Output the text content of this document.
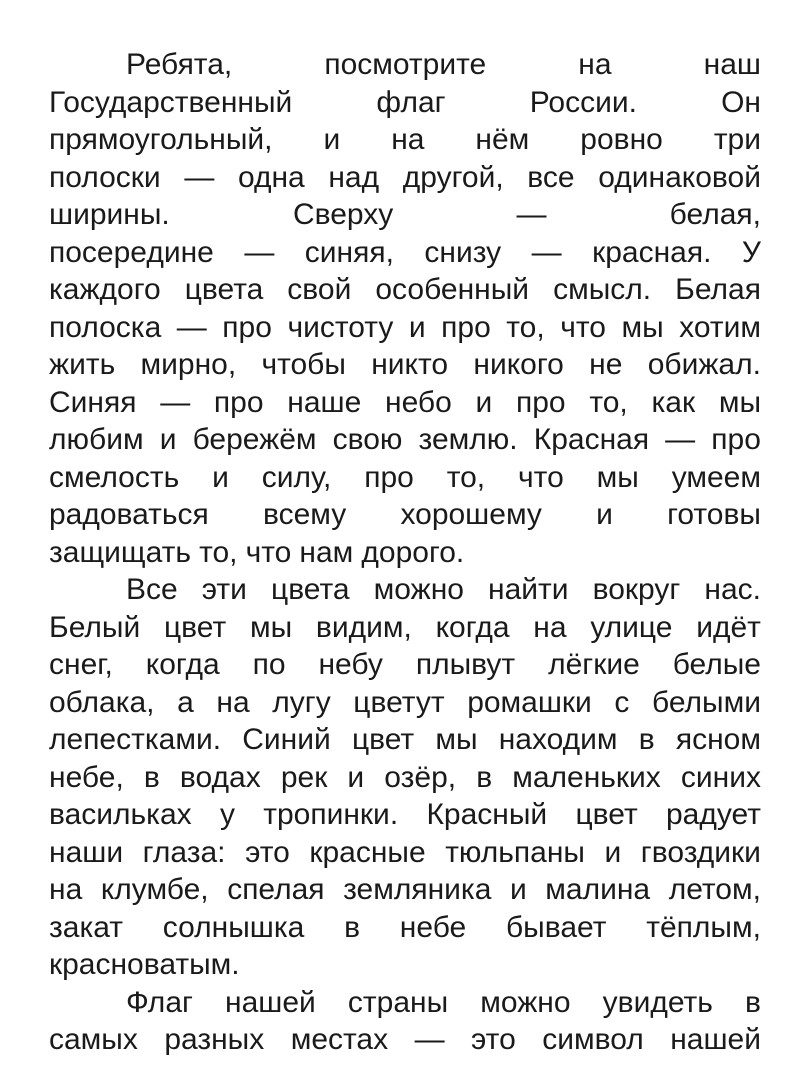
Ребята,	посмотрите	на	наш
Государственный	флаг	России.	Он
прямоугольный, и на нём ровно три
полоски — одна над другой, все одинаковой
ширины.	Сверху	—	белая,
посередине — синяя, снизу — красная. У
каждого цвета свой особенный смысл. Белая
полоска — про чистоту и про то, что мы хотим
жить мирно, чтобы никто никого не обижал.
Синяя — про наше небо и про то, как мы
любим и бережём свою землю. Красная — про
смелость и силу, про то, что мы умеем
радоваться всему хорошему и готовы
защищать то, что нам дорого.
Все эти цвета можно найти вокруг нас.
Белый цвет мы видим, когда на улице идёт
снег, когда по небу плывут лёгкие белые
облака, а на лугу цветут ромашки с белыми
лепестками. Синий цвет мы находим в ясном
небе, в водах рек и озёр, в маленьких синих
васильках у тропинки. Красный цвет радует
наши глаза: это красные тюльпаны и гвоздики
на клумбе, спелая земляника и малина летом,
закат солнышка в небе бывает тёплым,
красноватым.
Флаг нашей страны можно увидеть в
самых разных местах — это символ нашей
